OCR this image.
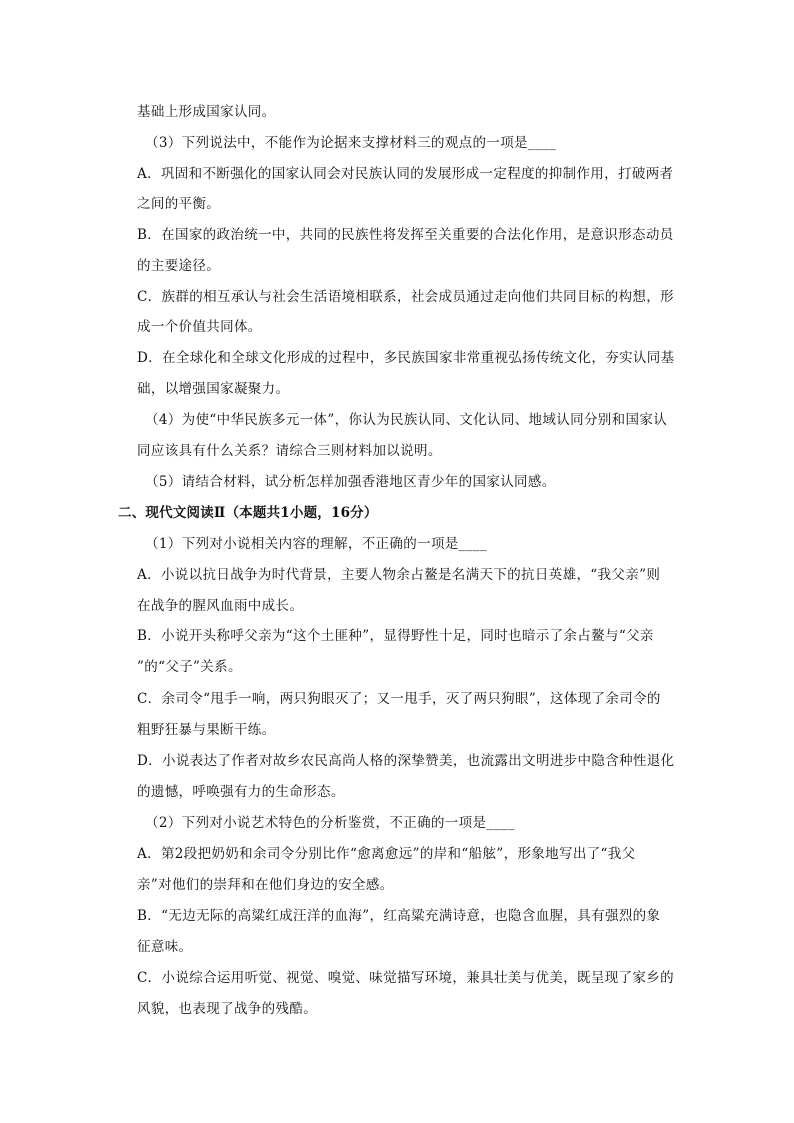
基础上形成国家认同。
（3）下列说法中，不能作为论据来支撑材料三的观点的一项是____
A．巩固和不断强化的国家认同会对民族认同的发展形成一定程度的抑制作用，打破两者
之间的平衡。
B．在国家的政治统一中，共同的民族性将发挥至关重要的合法化作用，是意识形态动员
的主要途径。
C．族群的相互承认与社会生活语境相联系，社会成员通过走向他们共同目标的构想，形
成一个价值共同体。
D．在全球化和全球文化形成的过程中，多民族国家非常重视弘扬传统文化，夯实认同基
础，以增强国家凝聚力。
（4）为使“中华民族多元一体”，你认为民族认同、文化认同、地域认同分别和国家认
同应该具有什么关系？请综合三则材料加以说明。
（5）请结合材料，试分析怎样加强香港地区青少年的国家认同感。
二、现代文阅读Ⅱ（本题共1小题，16分）
（1）下列对小说相关内容的理解，不正确的一项是____
A．小说以抗日战争为时代背景，主要人物余占鳌是名满天下的抗日英雄，“我父亲”则
在战争的腥风血雨中成长。
B．小说开头称呼父亲为“这个土匪种”，显得野性十足，同时也暗示了余占鳌与“父亲
”的“父子”关系。
C．余司令“甩手一响，两只狗眼灭了；又一甩手，灭了两只狗眼”，这体现了余司令的
粗野狂暴与果断干练。
D．小说表达了作者对故乡农民高尚人格的深挚赞美，也流露出文明进步中隐含种性退化
的遗憾，呼唤强有力的生命形态。
（2）下列对小说艺术特色的分析鉴赏，不正确的一项是____
A．第2段把奶奶和余司令分别比作“愈离愈远”的岸和“船舷”，形象地写出了“我父
亲”对他们的崇拜和在他们身边的安全感。
B．“无边无际的高粱红成汪洋的血海”，红高粱充满诗意，也隐含血腥，具有强烈的象
征意味。
C．小说综合运用听觉、视觉、嗅觉、味觉描写环境，兼具壮美与优美，既呈现了家乡的
风貌，也表现了战争的残酷。
